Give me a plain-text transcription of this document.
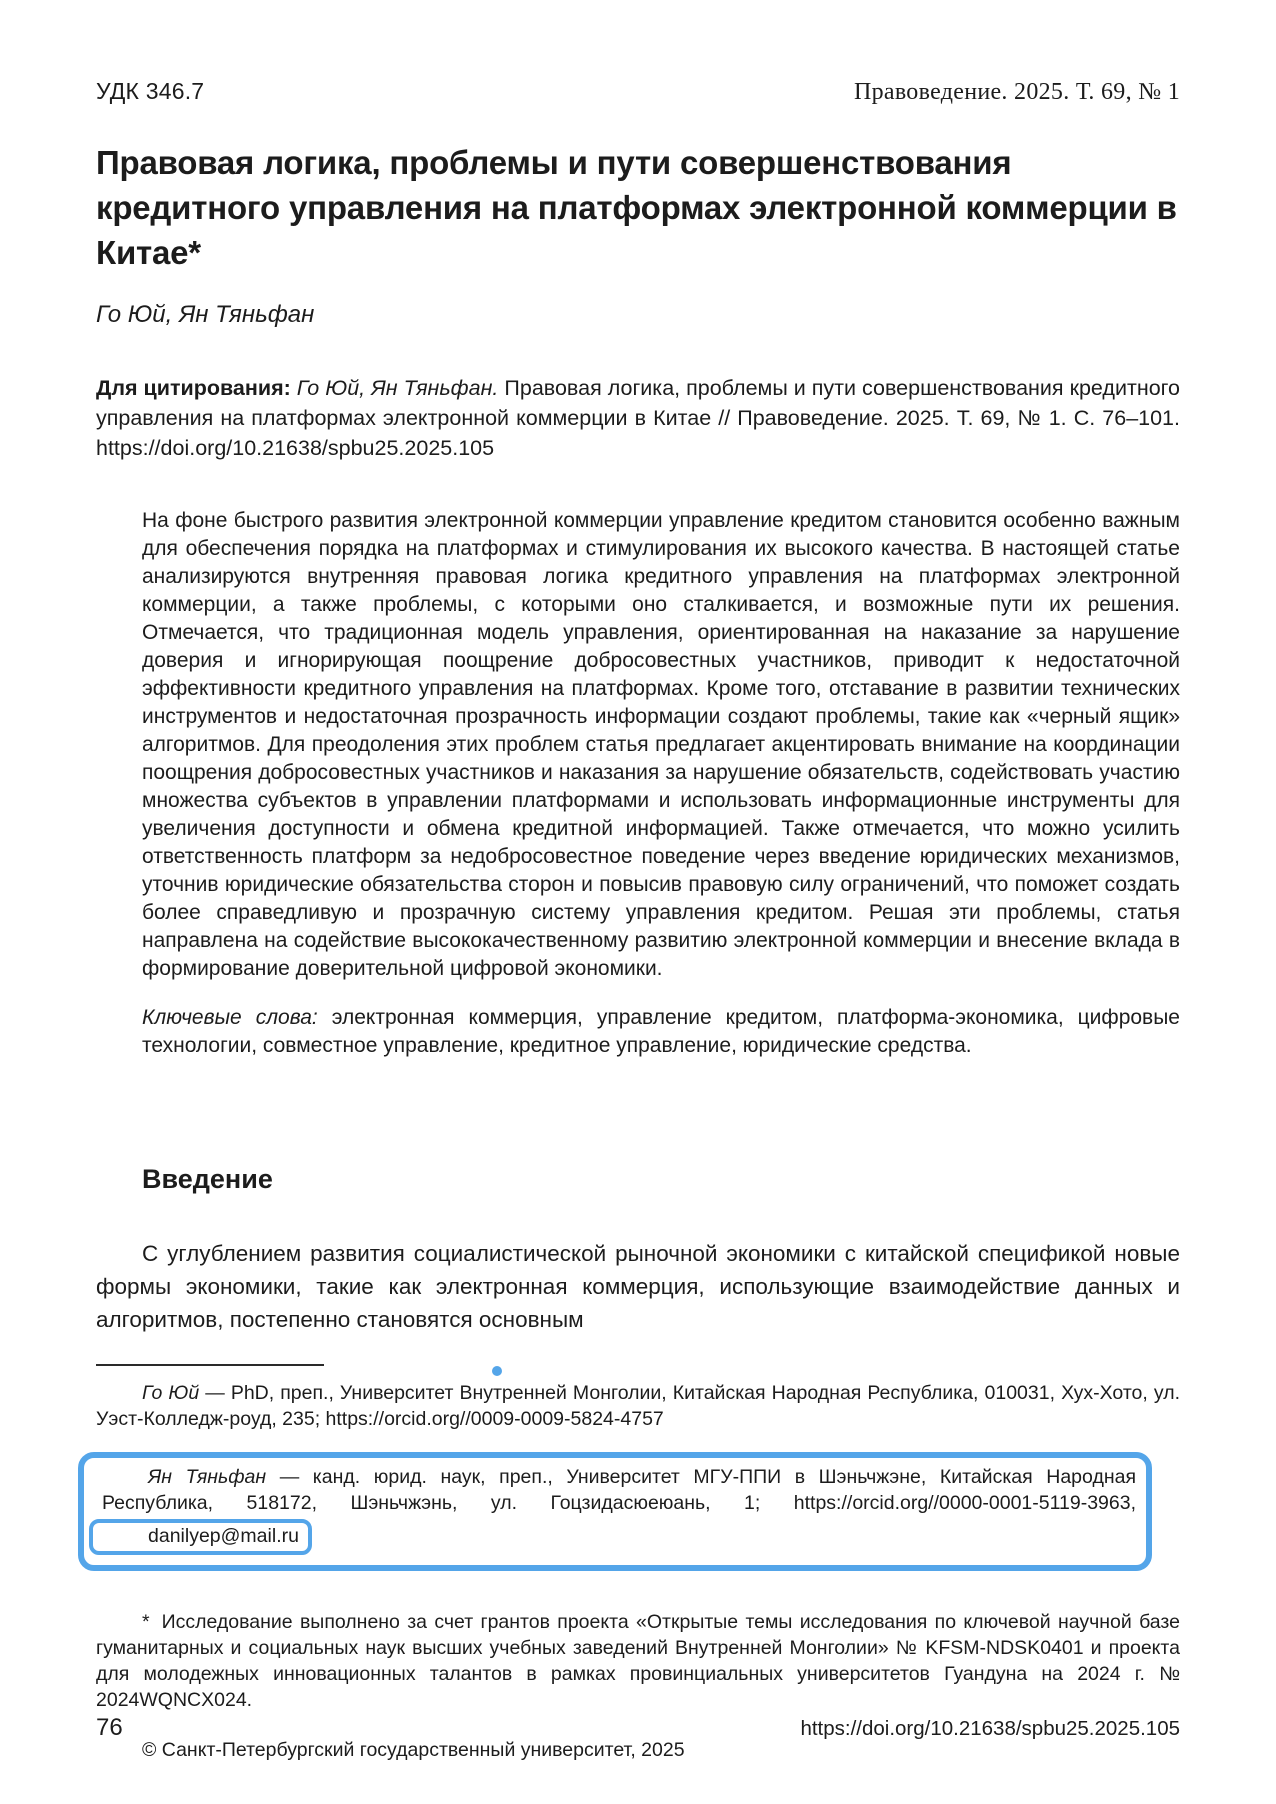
УДК 346.7	Правоведение. 2025. Т. 69, № 1
Правовая логика, проблемы и пути совершенствования кредитного управления на платформах электронной коммерции в Китае*
Го Юй, Ян Тяньфан

Для цитирования: Го Юй, Ян Тяньфан. Правовая логика, проблемы и пути совершенствования кредитного управления на платформах электронной коммерции в Китае // Правоведение. 2025. Т. 69, № 1. С. 76–101. https://doi.org/10.21638/spbu25.2025.105

На фоне быстрого развития электронной коммерции управление кредитом становится особенно важным для обеспечения порядка на платформах и стимулирования их высокого качества. В настоящей статье анализируются внутренняя правовая логика кредитного управления на платформах электронной коммерции, а также проблемы, с которыми оно сталкивается, и возможные пути их решения. Отмечается, что традиционная модель управления, ориентированная на наказание за нарушение доверия и игнорирующая поощрение добросовестных участников, приводит к недостаточной эффективности кредитного управления на платформах. Кроме того, отставание в развитии технических инструментов и недостаточная прозрачность информации создают проблемы, такие как «черный ящик» алгоритмов. Для преодоления этих проблем статья предлагает акцентировать внимание на координации поощрения добросовестных участников и наказания за нарушение обязательств, содействовать участию множества субъектов в управлении платформами и использовать информационные инструменты для увеличения доступности и обмена кредитной информацией. Также отмечается, что можно усилить ответственность платформ за недобросовестное поведение через введение юридических механизмов, уточнив юридические обязательства сторон и повысив правовую силу ограничений, что поможет создать более справедливую и прозрачную систему управления кредитом. Решая эти проблемы, статья направлена на содействие высококачественному развитию электронной коммерции и внесение вклада в формирование доверительной цифровой экономики.

Ключевые слова: электронная коммерция, управление кредитом, платформа-экономика, цифровые технологии, совместное управление, кредитное управление, юридические средства.

Введение

С углублением развития социалистической рыночной экономики с китайской спецификой новые формы экономики, такие как электронная коммерция, использующие взаимодействие данных и алгоритмов, постепенно становятся основным

Го Юй — PhD, преп., Университет Внутренней Монголии, Китайская Народная Республика, 010031, Хух-Хото, ул. Уэст-Колледж-роуд, 235; https://orcid.org//0009-0009-5824-4757

Ян Тяньфан — канд. юрид. наук, преп., Университет МГУ-ППИ в Шэньчжэне, Китайская Народная Республика, 518172, Шэньчжэнь, ул. Гоцзидасюеюань, 1; https://orcid.org//0000-0001-5119-3963, danilyep@mail.ru

* Исследование выполнено за счет грантов проекта «Открытые темы исследования по ключевой научной базе гуманитарных и социальных наук высших учебных заведений Внутренней Монголии» № KFSM-NDSK0401 и проекта для молодежных инновационных талантов в рамках провинциальных университетов Гуандуна на 2024 г. № 2024WQNCX024.

© Санкт-Петербургский государственный университет, 2025

76	https://doi.org/10.21638/spbu25.2025.105
